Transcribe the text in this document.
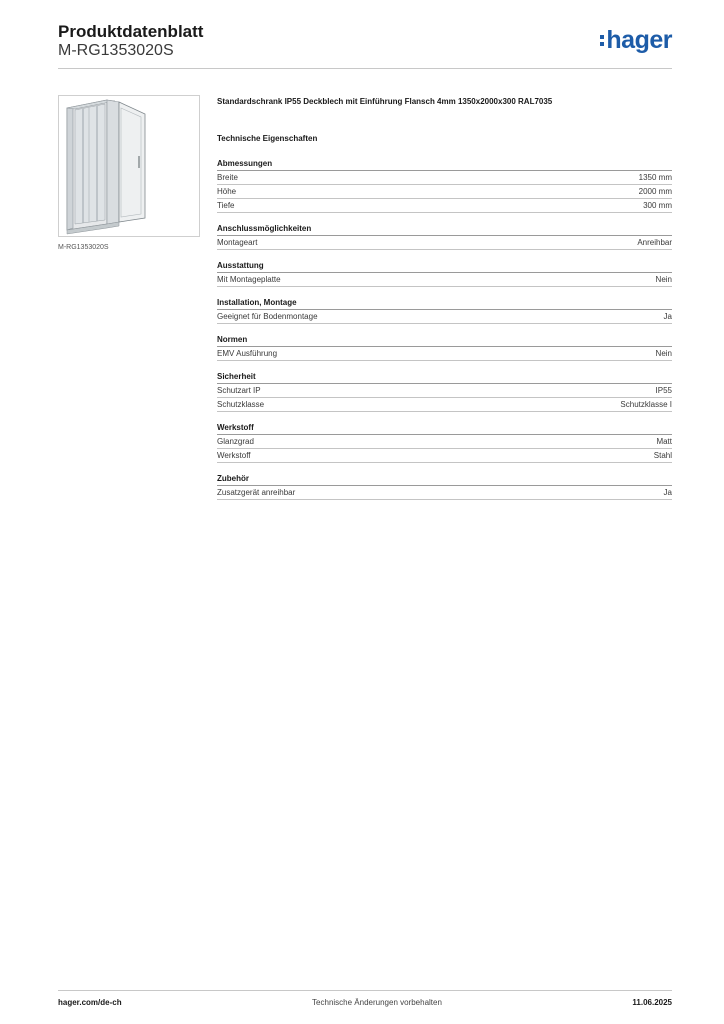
Produktdatenblatt
M-RG1353020S	hager
M-RG1353020S
Standardschrank IP55 Deckblech mit Einführung Flansch 4mm 1350x2000x300 RAL7035
Technische Eigenschaften
Abmessungen
Breite	1350 mm
Höhe	2000 mm
Tiefe	300 mm
Anschlussmöglichkeiten
Montageart	Anreihbar
Ausstattung
Mit Montageplatte	Nein
Installation, Montage
Geeignet für Bodenmontage	Ja
Normen
EMV Ausführung	Nein
Sicherheit
Schutzart IP	IP55
Schutzklasse	Schutzklasse I
Werkstoff
Glanzgrad	Matt
Werkstoff	Stahl
Zubehör
Zusatzgerät anreihbar	Ja
hager.com/de-ch	Technische Änderungen vorbehalten	11.06.2025
